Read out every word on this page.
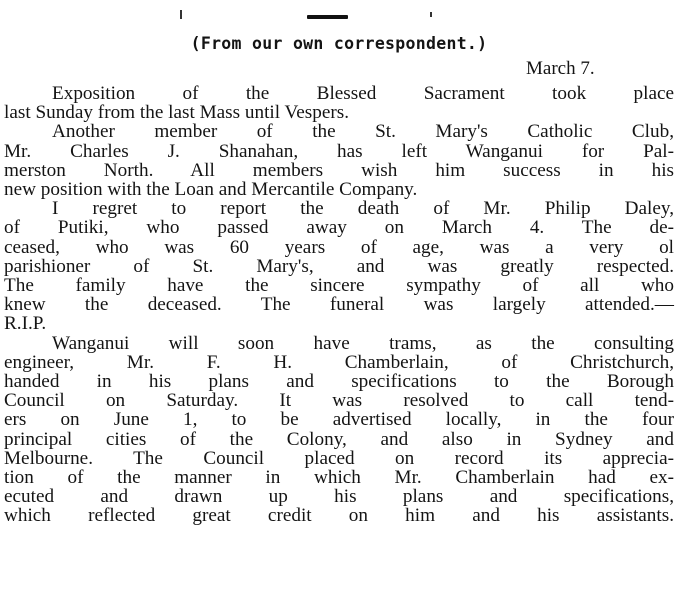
(From our own correspondent.)
March 7.

Exposition of the Blessed Sacrament took place
last Sunday from the last Mass until Vespers.

Another member of the St. Mary's Catholic Club,
Mr. Charles J. Shanahan, has left Wanganui for Pal-
merston North. All members wish him success in his
new position with the Loan and Mercantile Company.

I regret to report the death of Mr. Philip Daley,
of Putiki, who passed away on March 4. The de-
ceased, who was 60 years of age, was a very ol
parishioner of St. Mary's, and was greatly respected.
The family have the sincere sympathy of all who
knew the deceased. The funeral was largely attended.—
R.I.P.

Wanganui will soon have trams, as the consulting
engineer, Mr. F. H. Chamberlain, of Christchurch,
handed in his plans and specifications to the Borough
Council on Saturday. It was resolved to call tend-
ers on June 1, to be advertised locally, in the four
principal cities of the Colony, and also in Sydney and
Melbourne. The Council placed on record its apprecia-
tion of the manner in which Mr. Chamberlain had ex-
ecuted and drawn up his plans and specifications,
which reflected great credit on him and his assistants.
